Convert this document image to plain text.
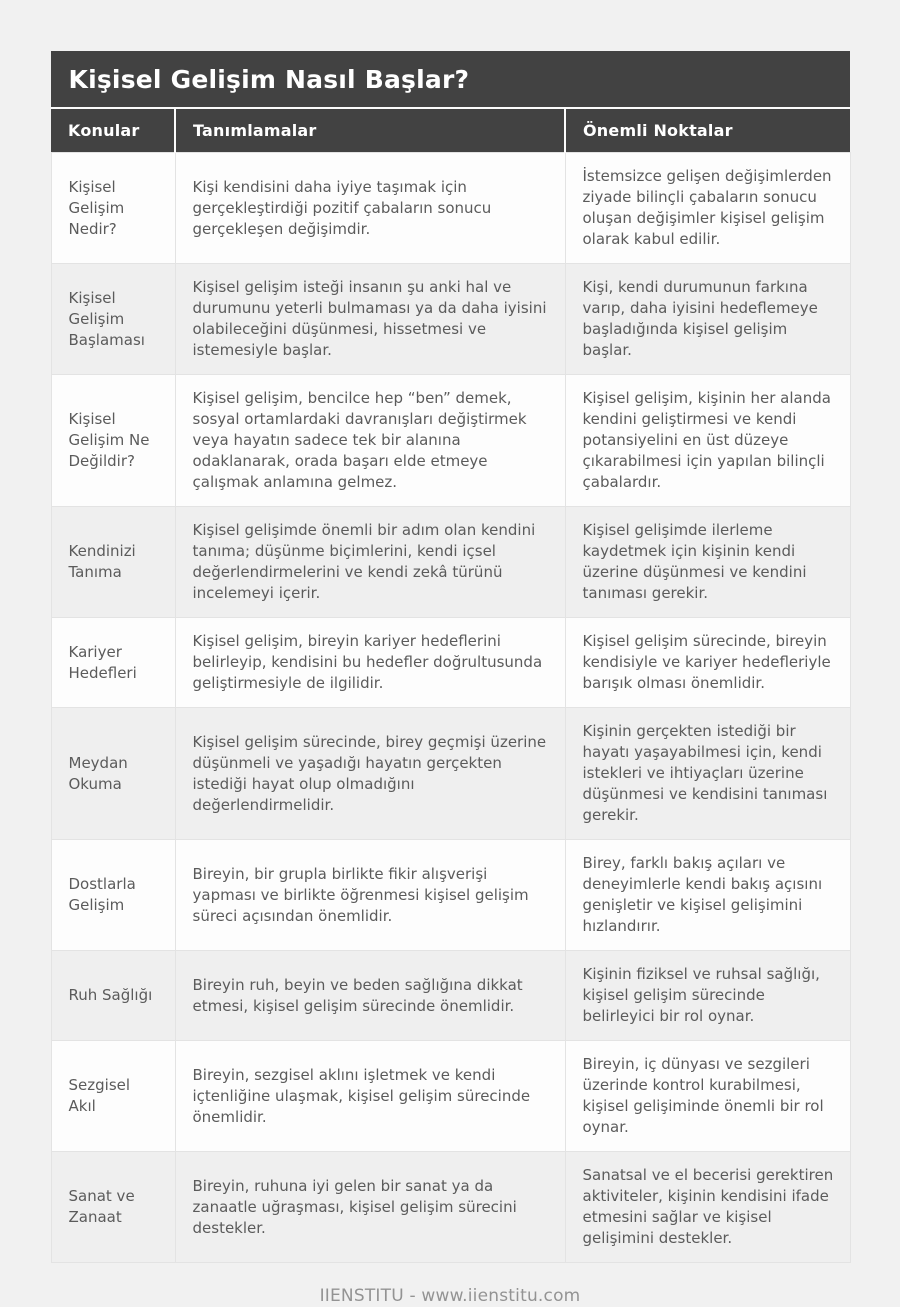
Kişisel Gelişim Nasıl Başlar?
Konular	Tanımlamalar	Önemli Noktalar
Kişisel Gelişim Nedir?	Kişi kendisini daha iyiye taşımak için gerçekleştirdiği pozitif çabaların sonucu gerçekleşen değişimdir.	İstemsizce gelişen değişimlerden ziyade bilinçli çabaların sonucu oluşan değişimler kişisel gelişim olarak kabul edilir.
Kişisel Gelişim Başlaması	Kişisel gelişim isteği insanın şu anki hal ve durumunu yeterli bulmaması ya da daha iyisini olabileceğini düşünmesi, hissetmesi ve istemesiyle başlar.	Kişi, kendi durumunun farkına varıp, daha iyisini hedeflemeye başladığında kişisel gelişim başlar.
Kişisel Gelişim Ne Değildir?	Kişisel gelişim, bencilce hep “ben” demek, sosyal ortamlardaki davranışları değiştirmek veya hayatın sadece tek bir alanına odaklanarak, orada başarı elde etmeye çalışmak anlamına gelmez.	Kişisel gelişim, kişinin her alanda kendini geliştirmesi ve kendi potansiyelini en üst düzeye çıkarabilmesi için yapılan bilinçli çabalardır.
Kendinizi Tanıma	Kişisel gelişimde önemli bir adım olan kendini tanıma; düşünme biçimlerini, kendi içsel değerlendirmelerini ve kendi zekâ türünü incelemeyi içerir.	Kişisel gelişimde ilerleme kaydetmek için kişinin kendi üzerine düşünmesi ve kendini tanıması gerekir.
Kariyer Hedefleri	Kişisel gelişim, bireyin kariyer hedeflerini belirleyip, kendisini bu hedefler doğrultusunda geliştirmesiyle de ilgilidir.	Kişisel gelişim sürecinde, bireyin kendisiyle ve kariyer hedefleriyle barışık olması önemlidir.
Meydan Okuma	Kişisel gelişim sürecinde, birey geçmişi üzerine düşünmeli ve yaşadığı hayatın gerçekten istediği hayat olup olmadığını değerlendirmelidir.	Kişinin gerçekten istediği bir hayatı yaşayabilmesi için, kendi istekleri ve ihtiyaçları üzerine düşünmesi ve kendisini tanıması gerekir.
Dostlarla Gelişim	Bireyin, bir grupla birlikte fikir alışverişi yapması ve birlikte öğrenmesi kişisel gelişim süreci açısından önemlidir.	Birey, farklı bakış açıları ve deneyimlerle kendi bakış açısını genişletir ve kişisel gelişimini hızlandırır.
Ruh Sağlığı	Bireyin ruh, beyin ve beden sağlığına dikkat etmesi, kişisel gelişim sürecinde önemlidir.	Kişinin fiziksel ve ruhsal sağlığı, kişisel gelişim sürecinde belirleyici bir rol oynar.
Sezgisel Akıl	Bireyin, sezgisel aklını işletmek ve kendi içtenliğine ulaşmak, kişisel gelişim sürecinde önemlidir.	Bireyin, iç dünyası ve sezgileri üzerinde kontrol kurabilmesi, kişisel gelişiminde önemli bir rol oynar.
Sanat ve Zanaat	Bireyin, ruhuna iyi gelen bir sanat ya da zanaatle uğraşması, kişisel gelişim sürecini destekler.	Sanatsal ve el becerisi gerektiren aktiviteler, kişinin kendisini ifade etmesini sağlar ve kişisel gelişimini destekler.
IIENSTITU - www.iienstitu.com
